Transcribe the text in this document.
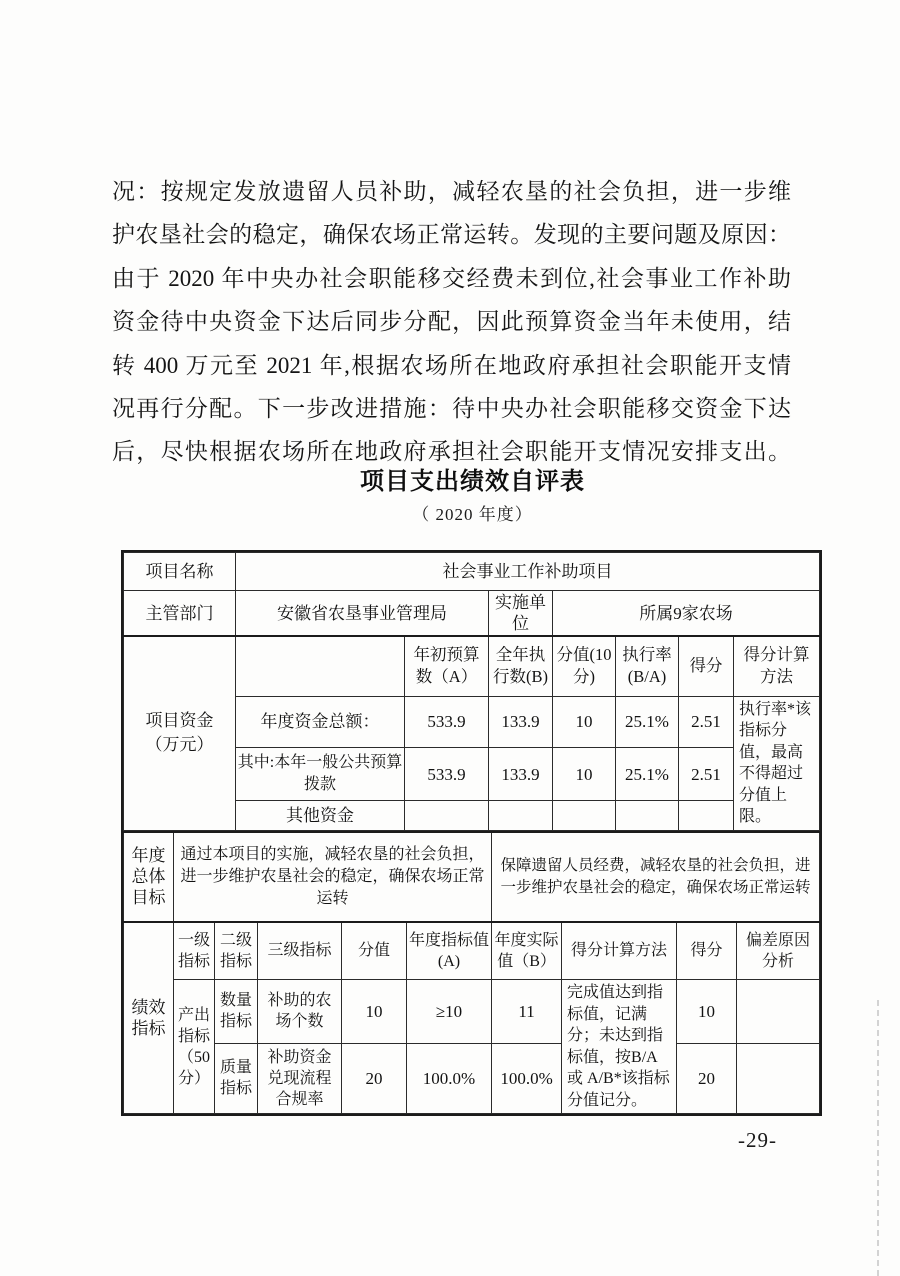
况：按规定发放遗留人员补助，减轻农垦的社会负担，进一步维
护农垦社会的稳定，确保农场正常运转。发现的主要问题及原因：
由于 2020 年中央办社会职能移交经费未到位,社会事业工作补助
资金待中央资金下达后同步分配，因此预算资金当年未使用，结
转 400 万元至 2021 年,根据农场所在地政府承担社会职能开支情
况再行分配。下一步改进措施：待中央办社会职能移交资金下达
后，尽快根据农场所在地政府承担社会职能开支情况安排支出。
项目支出绩效自评表
（ 2020 年度）
项目名称	社会事业工作补助项目						
主管部门	安徽省农垦事业管理局		实施单位	所属9家农场			

项目资金（万元）		年初预算数（A）	全年执行数(B)	分值(10分)	执行率(B/A)	得分	得分计算方法
	年度资金总额：	533.9	133.9	10	25.1%	2.51	执行率*该指标分值，最高不得超过分值上限。
	其中:本年一般公共预算拨款	533.9	133.9	10	25.1%	2.51	
	其他资金						
年度总体目标	通过本项目的实施，减轻农垦的社会负担，进一步维护农垦社会的稳定，确保农场正常运转					保障遗留人员经费，减轻农垦的社会负担，进一步维护农垦社会的稳定，确保农场正常运转			
绩效指标	一级指标	二级指标	三级指标	分值	年度指标值(A)	年度实际值（B）	得分计算方法	得分	偏差原因分析
	产出指标（50分）	数量指标	补助的农场个数	10	≥10	11	完成值达到指标值，记满分；未达到指标值，按B/A 或 A/B*该指标分值记分。	10	
		质量指标	补助资金兑现流程合规率	20	100.0%	100.0%		20	
-29-
